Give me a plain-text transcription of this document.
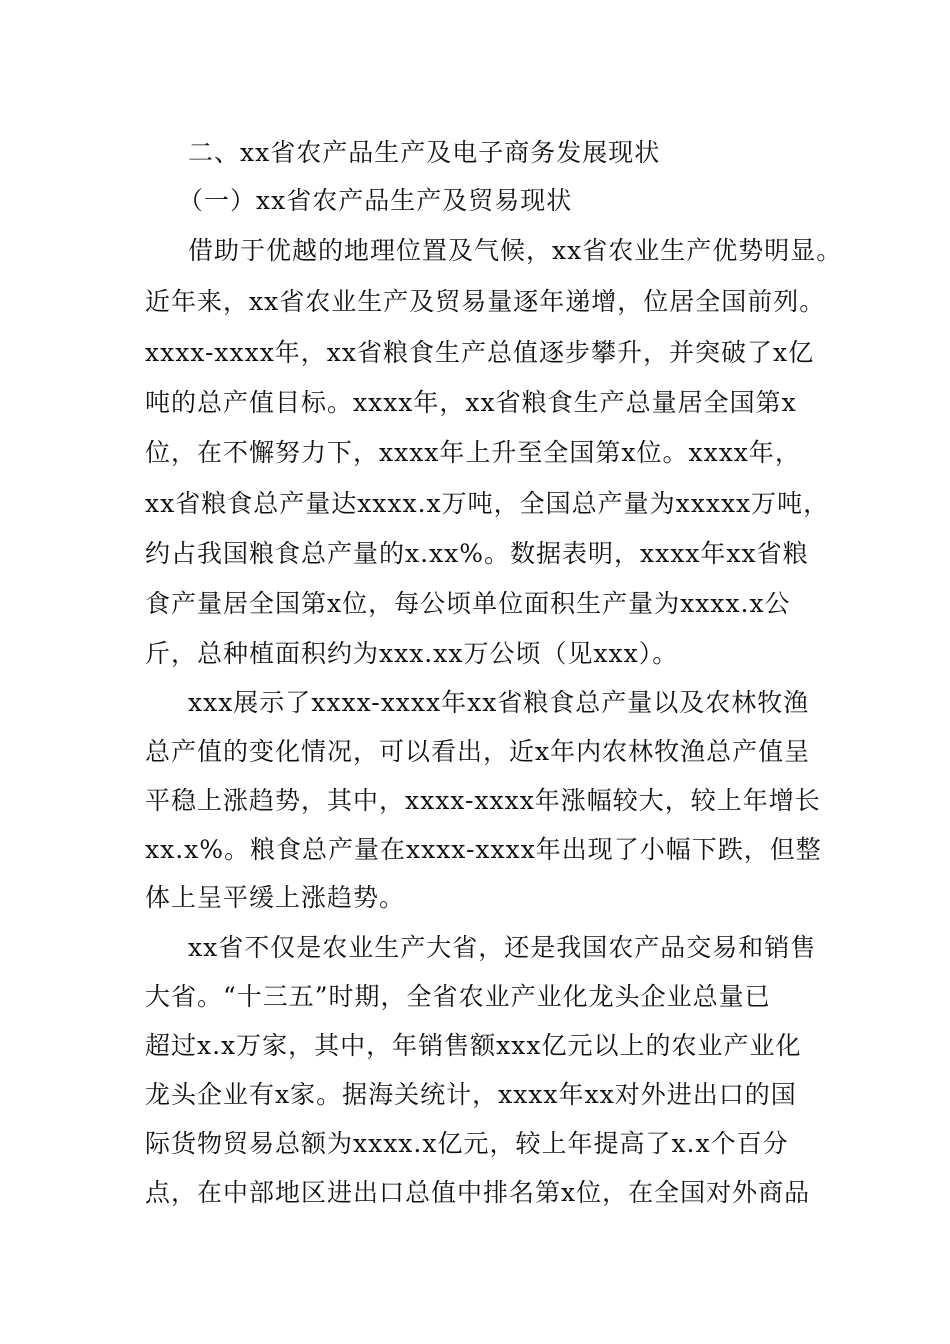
二、xx省农产品生产及电子商务发展现状
（一）xx省农产品生产及贸易现状
借助于优越的地理位置及气候，xx省农业生产优势明显。
近年来，xx省农业生产及贸易量逐年递增，位居全国前列。
xxxx-xxxx年，xx省粮食生产总值逐步攀升，并突破了x亿
吨的总产值目标。xxxx年，xx省粮食生产总量居全国第x
位，在不懈努力下，xxxx年上升至全国第x位。xxxx年，
xx省粮食总产量达xxxx.x万吨，全国总产量为xxxxx万吨，
约占我国粮食总产量的x.xx%。数据表明，xxxx年xx省粮
食产量居全国第x位，每公顷单位面积生产量为xxxx.x公
斤，总种植面积约为xxx.xx万公顷（见xxx）。
xxx展示了xxxx-xxxx年xx省粮食总产量以及农林牧渔
总产值的变化情况，可以看出，近x年内农林牧渔总产值呈
平稳上涨趋势，其中，xxxx-xxxx年涨幅较大，较上年增长
xx.x%。粮食总产量在xxxx-xxxx年出现了小幅下跌，但整
体上呈平缓上涨趋势。
xx省不仅是农业生产大省，还是我国农产品交易和销售
大省。“十三五”时期，全省农业产业化龙头企业总量已
超过x.x万家，其中，年销售额xxx亿元以上的农业产业化
龙头企业有x家。据海关统计，xxxx年xx对外进出口的国
际货物贸易总额为xxxx.x亿元，较上年提高了x.x个百分
点，在中部地区进出口总值中排名第x位，在全国对外商品
